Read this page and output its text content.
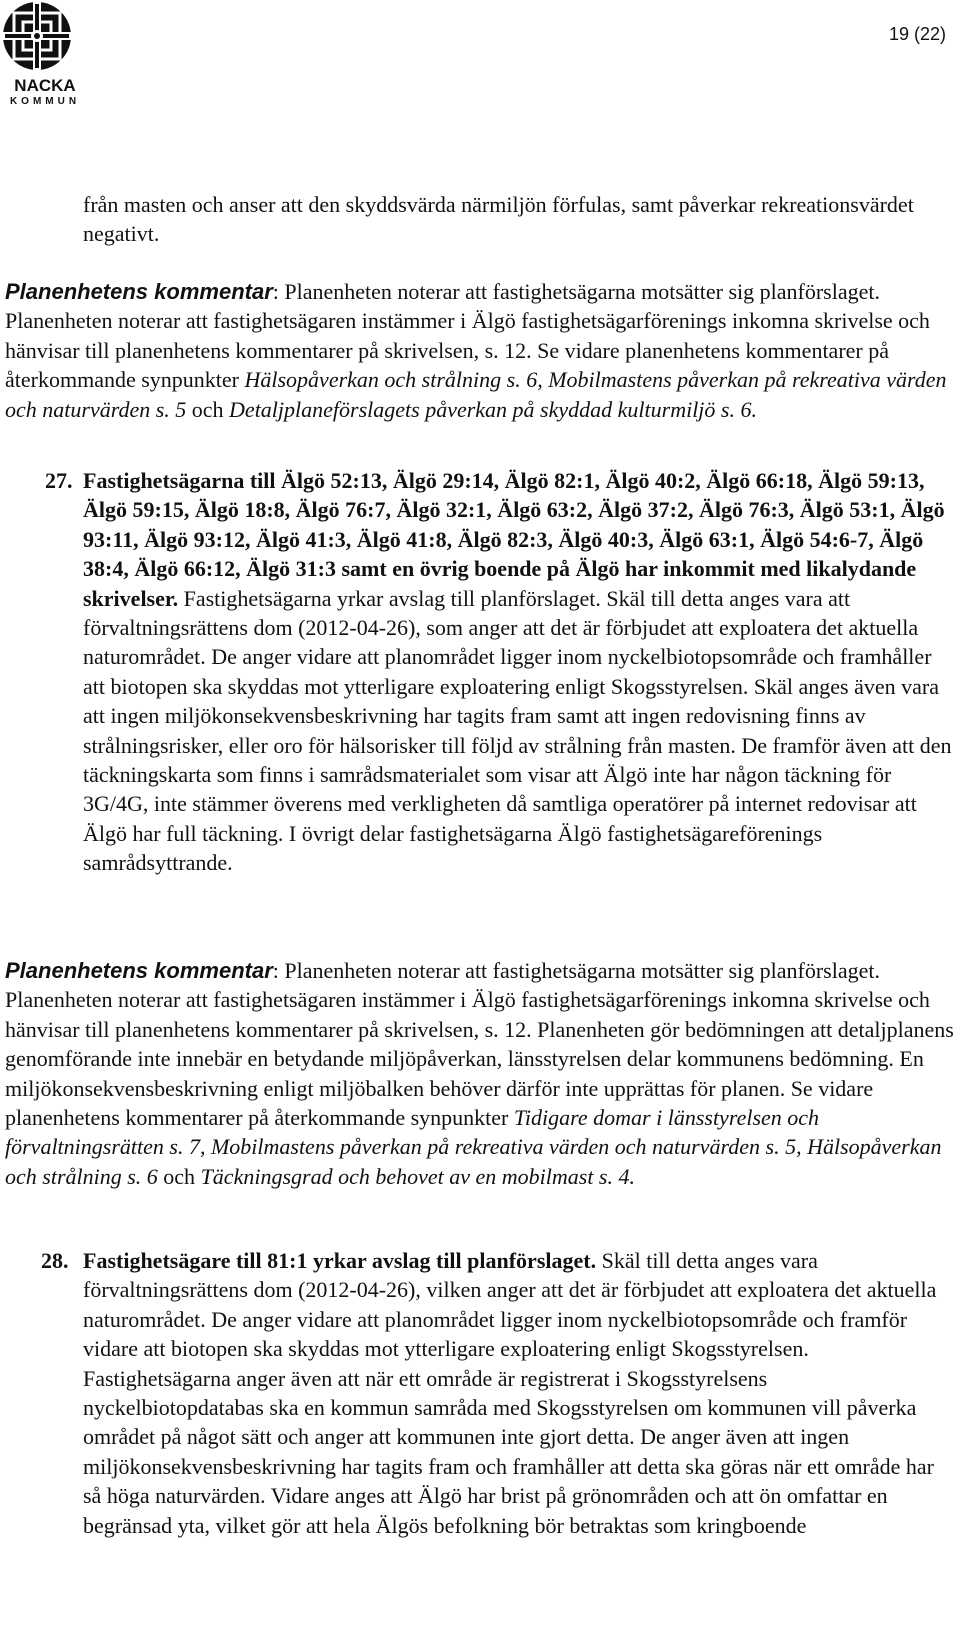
NACKA
KOMMUN
19 (22)

från masten och anser att den skyddsvärda närmiljön förfulas, samt påverkar rekreationsvärdet negativt.

Planenhetens kommentar: Planenheten noterar att fastighetsägarna motsätter sig planförslaget. Planenheten noterar att fastighetsägaren instämmer i Älgö fastighetsägarförenings inkomna skrivelse och hänvisar till planenhetens kommentarer på skrivelsen, s. 12. Se vidare planenhetens kommentarer på återkommande synpunkter Hälsopåverkan och strålning s. 6, Mobilmastens påverkan på rekreativa värden och naturvärden s. 5 och Detaljplaneförslagets påverkan på skyddad kulturmiljö s. 6.

27. Fastighetsägarna till Älgö 52:13, Älgö 29:14, Älgö 82:1, Älgö 40:2, Älgö 66:18, Älgö 59:13, Älgö 59:15, Älgö 18:8, Älgö 76:7, Älgö 32:1, Älgö 63:2, Älgö 37:2, Älgö 76:3, Älgö 53:1, Älgö 93:11, Älgö 93:12, Älgö 41:3, Älgö 41:8, Älgö 82:3, Älgö 40:3, Älgö 63:1, Älgö 54:6-7, Älgö 38:4, Älgö 66:12, Älgö 31:3 samt en övrig boende på Älgö har inkommit med likalydande skrivelser. Fastighetsägarna yrkar avslag till planförslaget. Skäl till detta anges vara att förvaltningsrättens dom (2012-04-26), som anger att det är förbjudet att exploatera det aktuella naturområdet. De anger vidare att planområdet ligger inom nyckelbiotopsområde och framhåller att biotopen ska skyddas mot ytterligare exploatering enligt Skogsstyrelsen. Skäl anges även vara att ingen miljökonsekvensbeskrivning har tagits fram samt att ingen redovisning finns av strålningsrisker, eller oro för hälsorisker till följd av strålning från masten. De framför även att den täckningskarta som finns i samrådsmaterialet som visar att Älgö inte har någon täckning för 3G/4G, inte stämmer överens med verkligheten då samtliga operatörer på internet redovisar att Älgö har full täckning. I övrigt delar fastighetsägarna Älgö fastighetsägareförenings samrådsyttrande.

Planenhetens kommentar: Planenheten noterar att fastighetsägarna motsätter sig planförslaget. Planenheten noterar att fastighetsägaren instämmer i Älgö fastighetsägarförenings inkomna skrivelse och hänvisar till planenhetens kommentarer på skrivelsen, s. 12. Planenheten gör bedömningen att detaljplanens genomförande inte innebär en betydande miljöpåverkan, länsstyrelsen delar kommunens bedömning. En miljökonsekvensbeskrivning enligt miljöbalken behöver därför inte upprättas för planen. Se vidare planenhetens kommentarer på återkommande synpunkter Tidigare domar i länsstyrelsen och förvaltningsrätten s. 7, Mobilmastens påverkan på rekreativa värden och naturvärden s. 5, Hälsopåverkan och strålning s. 6 och Täckningsgrad och behovet av en mobilmast s. 4.

28. Fastighetsägare till 81:1 yrkar avslag till planförslaget. Skäl till detta anges vara förvaltningsrättens dom (2012-04-26), vilken anger att det är förbjudet att exploatera det aktuella naturområdet. De anger vidare att planområdet ligger inom nyckelbiotopsområde och framför vidare att biotopen ska skyddas mot ytterligare exploatering enligt Skogsstyrelsen. Fastighetsägarna anger även att när ett område är registrerat i Skogsstyrelsens nyckelbiotopdatabas ska en kommun samråda med Skogsstyrelsen om kommunen vill påverka området på något sätt och anger att kommunen inte gjort detta. De anger även att ingen miljökonsekvensbeskrivning har tagits fram och framhåller att detta ska göras när ett område har så höga naturvärden. Vidare anges att Älgö har brist på grönområden och att ön omfattar en begränsad yta, vilket gör att hela Älgös befolkning bör betraktas som kringboende
